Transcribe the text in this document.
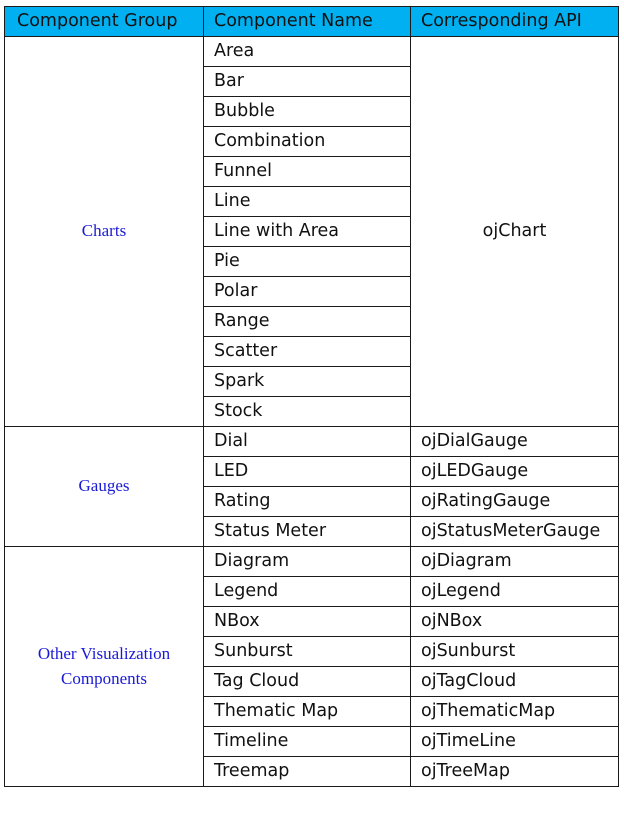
Component Group	Component Name	Corresponding API
Charts	Area	ojChart
	Bar	
	Bubble	
	Combination	
	Funnel	
	Line	
	Line with Area	
	Pie	
	Polar	
	Range	
	Scatter	
	Spark	
	Stock	
Gauges	Dial	ojDialGauge
	LED	ojLEDGauge
	Rating	ojRatingGauge
	Status Meter	ojStatusMeterGauge
Other Visualization Components	Diagram	ojDiagram
	Legend	ojLegend
	NBox	ojNBox
	Sunburst	ojSunburst
	Tag Cloud	ojTagCloud
	Thematic Map	ojThematicMap
	Timeline	ojTimeLine
	Treemap	ojTreeMap
